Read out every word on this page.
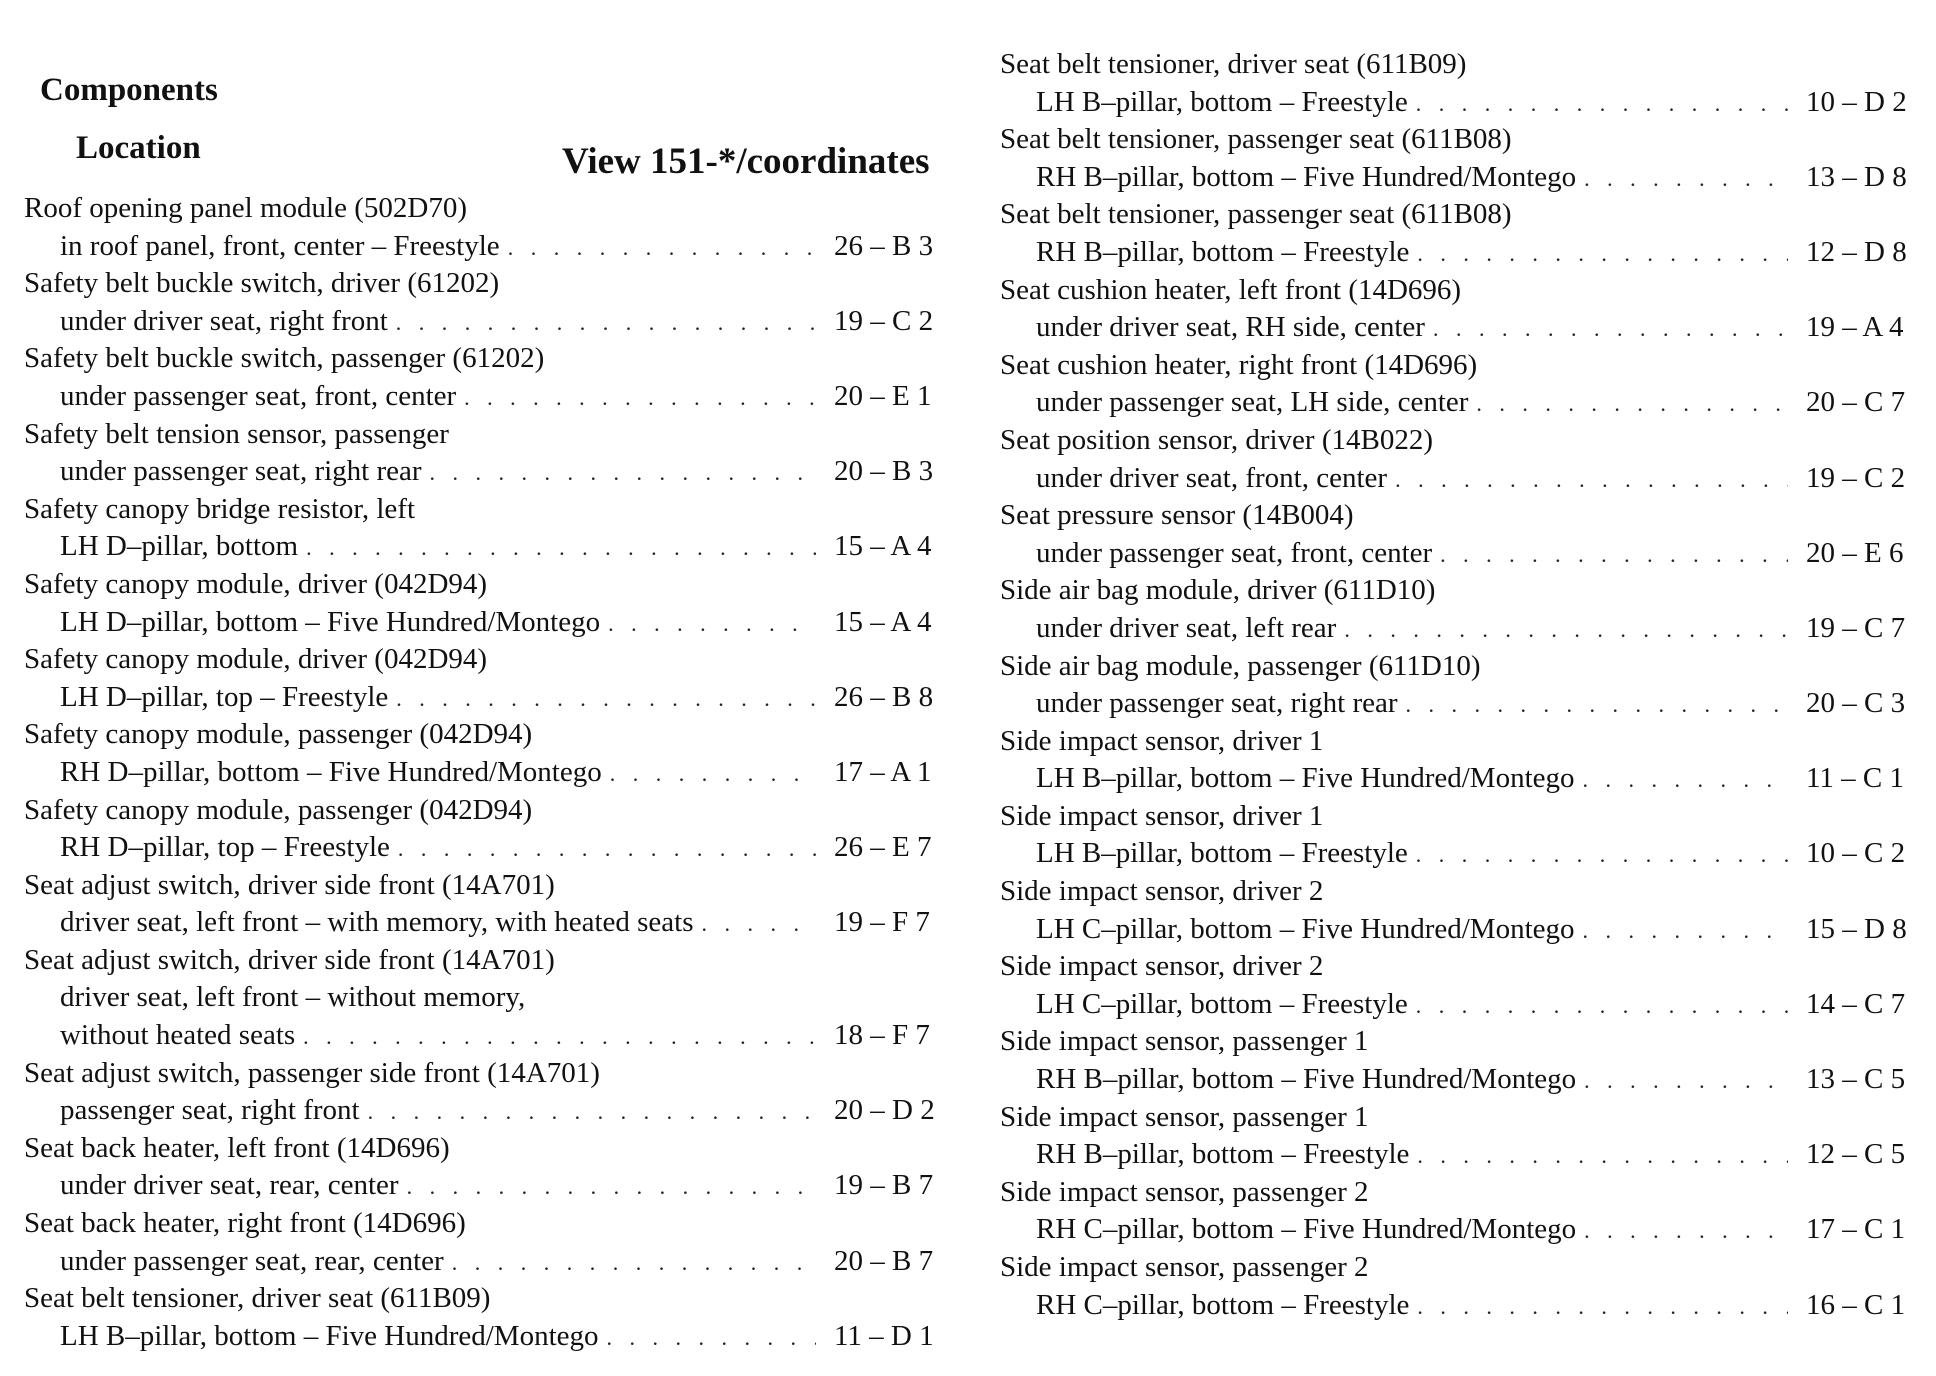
Components
Location	View 151-*/coordinates
Roof opening panel module (502D70)
in roof panel, front, center – Freestyle . . .	26 – B 3
Safety belt buckle switch, driver (61202)
under driver seat, right front . . .	19 – C 2
Safety belt buckle switch, passenger (61202)
under passenger seat, front, center . . .	20 – E 1
Safety belt tension sensor, passenger
under passenger seat, right rear . . .	20 – B 3
Safety canopy bridge resistor, left
LH D–pillar, bottom . . .	15 – A 4
Safety canopy module, driver (042D94)
LH D–pillar, bottom – Five Hundred/Montego . . .	15 – A 4
Safety canopy module, driver (042D94)
LH D–pillar, top – Freestyle . . .	26 – B 8
Safety canopy module, passenger (042D94)
RH D–pillar, bottom – Five Hundred/Montego . . .	17 – A 1
Safety canopy module, passenger (042D94)
RH D–pillar, top – Freestyle . . .	26 – E 7
Seat adjust switch, driver side front (14A701)
driver seat, left front – with memory, with heated seats . . .	19 – F 7
Seat adjust switch, driver side front (14A701)
driver seat, left front – without memory,
without heated seats . . .	18 – F 7
Seat adjust switch, passenger side front (14A701)
passenger seat, right front . . .	20 – D 2
Seat back heater, left front (14D696)
under driver seat, rear, center . . .	19 – B 7
Seat back heater, right front (14D696)
under passenger seat, rear, center . . .	20 – B 7
Seat belt tensioner, driver seat (611B09)
LH B–pillar, bottom – Five Hundred/Montego . . .	11 – D 1
Seat belt tensioner, driver seat (611B09)
LH B–pillar, bottom – Freestyle . . .	10 – D 2
Seat belt tensioner, passenger seat (611B08)
RH B–pillar, bottom – Five Hundred/Montego . . .	13 – D 8
Seat belt tensioner, passenger seat (611B08)
RH B–pillar, bottom – Freestyle . . .	12 – D 8
Seat cushion heater, left front (14D696)
under driver seat, RH side, center . . .	19 – A 4
Seat cushion heater, right front (14D696)
under passenger seat, LH side, center . . .	20 – C 7
Seat position sensor, driver (14B022)
under driver seat, front, center . . .	19 – C 2
Seat pressure sensor (14B004)
under passenger seat, front, center . . .	20 – E 6
Side air bag module, driver (611D10)
under driver seat, left rear . . .	19 – C 7
Side air bag module, passenger (611D10)
under passenger seat, right rear . . .	20 – C 3
Side impact sensor, driver 1
LH B–pillar, bottom – Five Hundred/Montego . . .	11 – C 1
Side impact sensor, driver 1
LH B–pillar, bottom – Freestyle . . .	10 – C 2
Side impact sensor, driver 2
LH C–pillar, bottom – Five Hundred/Montego . . .	15 – D 8
Side impact sensor, driver 2
LH C–pillar, bottom – Freestyle . . .	14 – C 7
Side impact sensor, passenger 1
RH B–pillar, bottom – Five Hundred/Montego . . .	13 – C 5
Side impact sensor, passenger 1
RH B–pillar, bottom – Freestyle . . .	12 – C 5
Side impact sensor, passenger 2
RH C–pillar, bottom – Five Hundred/Montego . . .	17 – C 1
Side impact sensor, passenger 2
RH C–pillar, bottom – Freestyle . . .	16 – C 1
